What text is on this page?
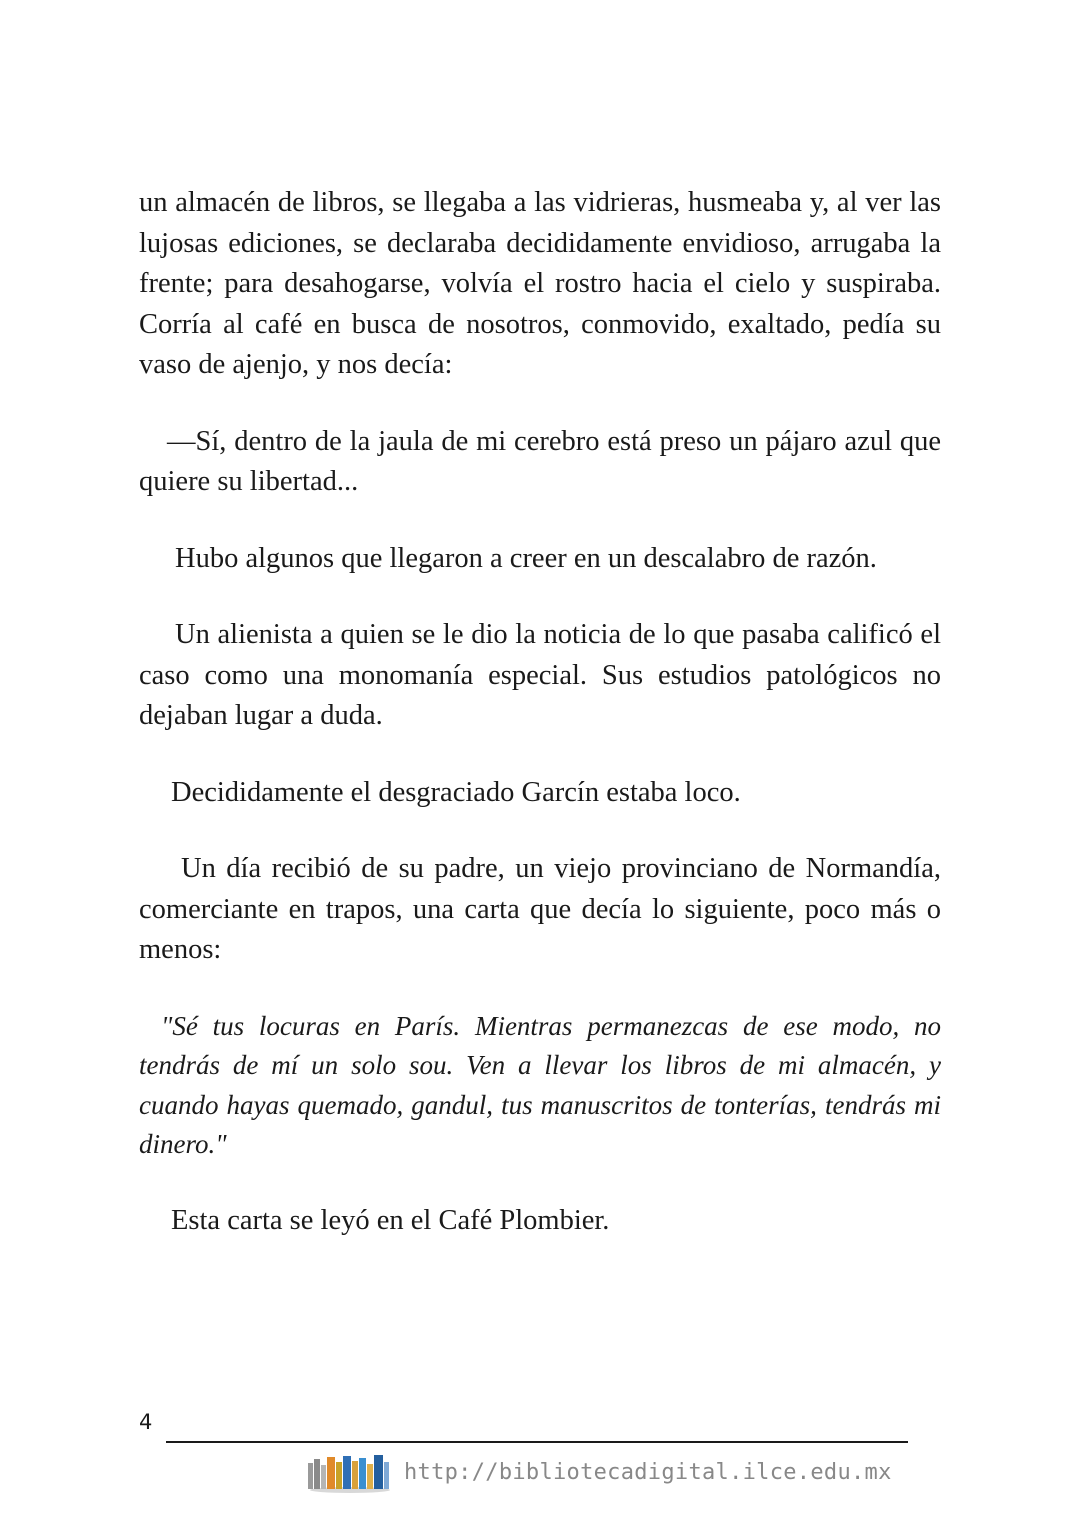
un almacén de libros, se llegaba a las vidrieras, husmeaba y, al ver las lujosas ediciones, se declaraba decididamente envidioso, arrugaba la frente; para desahogarse, volvía el rostro hacia el cielo y suspiraba. Corría al café en busca de nosotros, conmovido, exaltado, pedía su vaso de ajenjo, y nos decía:

—Sí, dentro de la jaula de mi cerebro está preso un pájaro azul que quiere su libertad...

Hubo algunos que llegaron a creer en un descalabro de razón.

Un alienista a quien se le dio la noticia de lo que pasaba calificó el caso como una monomanía especial. Sus estudios patológicos no dejaban lugar a duda.

Decididamente el desgraciado Garcín estaba loco.

Un día recibió de su padre, un viejo provinciano de Normandía, comerciante en trapos, una carta que decía lo siguiente, poco más o menos:

"Sé tus locuras en París. Mientras permanezcas de ese modo, no tendrás de mí un solo sou. Ven a llevar los libros de mi almacén, y cuando hayas quemado, gandul, tus manuscritos de tonterías, tendrás mi dinero."

Esta carta se leyó en el Café Plombier.

4
http://bibliotecadigital.ilce.edu.mx
